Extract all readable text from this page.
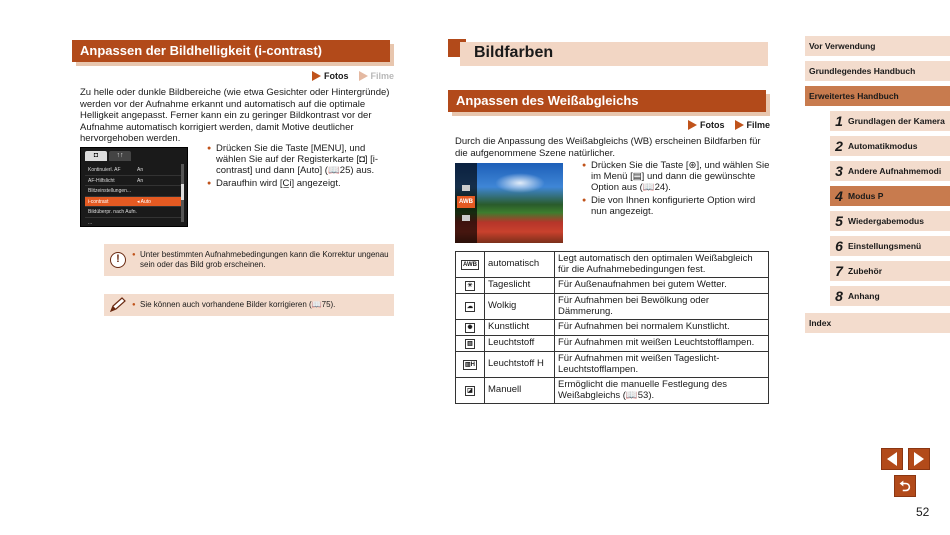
Anpassen der Bildhelligkeit (i-contrast)
Fotos Filme
Zu helle oder dunkle Bildbereiche (wie etwa Gesichter oder Hintergründe) werden vor der Aufnahme erkannt und automatisch auf die optimale Helligkeit angepasst. Ferner kann ein zu geringer Bildkontrast vor der Aufnahme automatisch korrigiert werden, damit Motive deutlicher hervorgehoben werden.
◘	↑↑
Kontinuierl. AF	An
AF-Hilfslicht	An
Blitzeinstellungen...
i-contrast	◂ Auto
Bildüberpr. nach Aufn. ...
● Drücken Sie die Taste [MENU], und wählen Sie auf der Registerkarte [◘] [i-contrast] und dann [Auto] (📖25) aus.
● Daraufhin wird [C̲i] angezeigt.
!	● Unter bestimmten Aufnahmebedingungen kann die Korrektur ungenau sein oder das Bild grob erscheinen.
● Sie können auch vorhandene Bilder korrigieren (📖75).
Bildfarben
Anpassen des Weißabgleichs
Fotos Filme
Durch die Anpassung des Weißabgleichs (WB) erscheinen Bildfarben für die aufgenommene Szene natürlicher.
AWB
● Drücken Sie die Taste [⊛], und wählen Sie im Menü [▤] und dann die gewünschte Option aus (📖24).
● Die von Ihnen konfigurierte Option wird nun angezeigt.
AWB	automatisch	Legt automatisch den optimalen Weißabgleich für die Aufnahmebedingungen fest.
☀	Tageslicht	Für Außenaufnahmen bei gutem Wetter.
☁	Wolkig	Für Aufnahmen bei Bewölkung oder Dämmerung.
✺	Kunstlicht	Für Aufnahmen bei normalem Kunstlicht.
▥	Leuchtstoff	Für Aufnahmen mit weißen Leuchtstofflampen.
▥H	Leuchtstoff H	Für Aufnahmen mit weißen Tageslicht-Leuchtstofflampen.
◪	Manuell	Ermöglicht die manuelle Festlegung des Weißabgleichs (📖53).
Vor Verwendung
Grundlegendes Handbuch
Erweitertes Handbuch
1 Grundlagen der Kamera
2 Automatikmodus
3 Andere Aufnahmemodi
4 Modus P
5 Wiedergabemodus
6 Einstellungsmenü
7 Zubehör
8 Anhang
Index
⮌
52
